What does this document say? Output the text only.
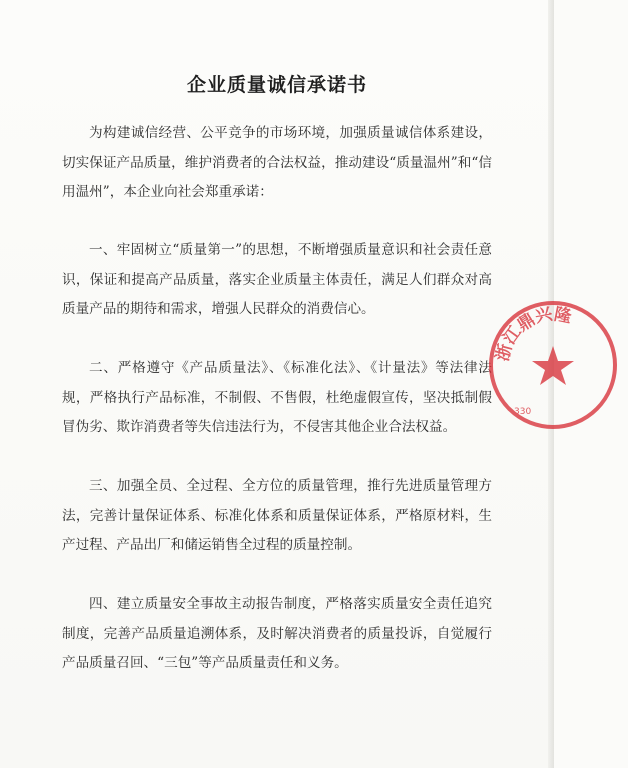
企业质量诚信承诺书

为构建诚信经营、公平竞争的市场环境，加强质量诚信体系建设，切实保证产品质量，维护消费者的合法权益，推动建设“质量温州”和“信用温州”，本企业向社会郑重承诺：

一、牢固树立“质量第一”的思想，不断增强质量意识和社会责任意识，保证和提高产品质量，落实企业质量主体责任，满足人们群众对高质量产品的期待和需求，增强人民群众的消费信心。

二、严格遵守《产品质量法》、《标准化法》、《计量法》等法律法规，严格执行产品标准，不制假、不售假，杜绝虚假宣传，坚决抵制假冒伪劣、欺诈消费者等失信违法行为，不侵害其他企业合法权益。

三、加强全员、全过程、全方位的质量管理，推行先进质量管理方法，完善计量保证体系、标准化体系和质量保证体系，严格原材料，生产过程、产品出厂和储运销售全过程的质量控制。

四、建立质量安全事故主动报告制度，严格落实质量安全责任追究制度，完善产品质量追溯体系，及时解决消费者的质量投诉，自觉履行产品质量召回、“三包”等产品质量责任和义务。

浙江鼎兴隆
330
